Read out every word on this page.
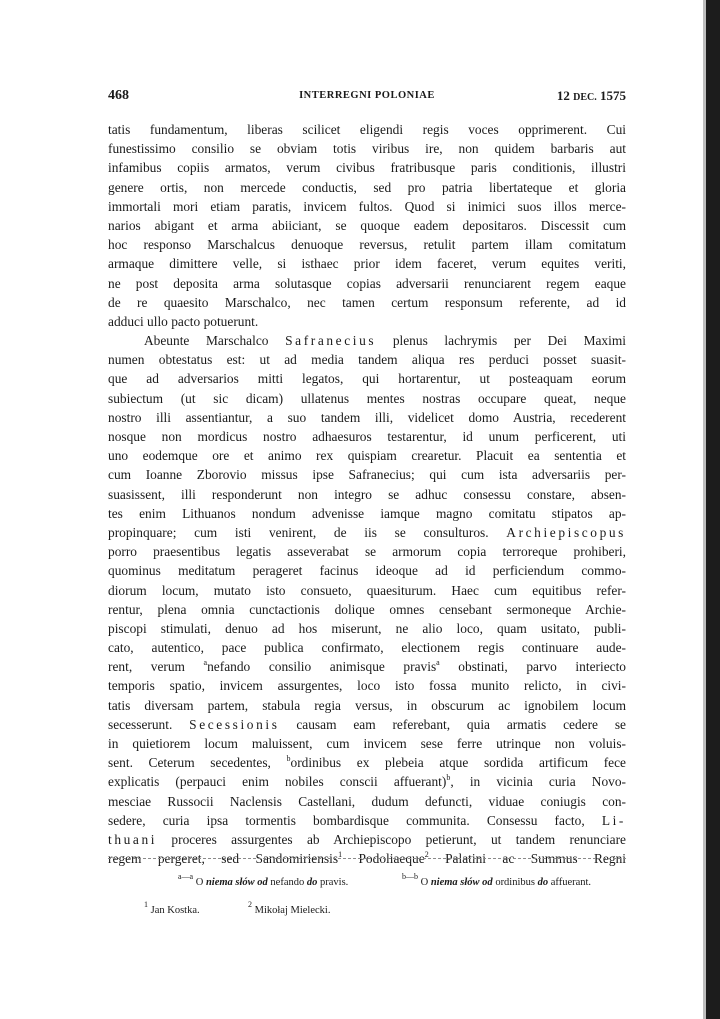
468	INTERREGNI POLONIAE	12 DEC. 1575
tatis fundamentum, liberas scilicet eligendi regis voces opprimerent. Cui
funestissimo consilio se obviam totis viribus ire, non quidem barbaris aut
infamibus copiis armatos, verum civibus fratribusque paris conditionis, illustri
genere ortis, non mercede conductis, sed pro patria libertateque et gloria
immortali mori etiam paratis, invicem fultos. Quod si inimici suos illos merce-
narios abigant et arma abiiciant, se quoque eadem depositaros. Discessit cum
hoc responso Marschalcus denuoque reversus, retulit partem illam comitatum
armaque dimittere velle, si isthaec prior idem faceret, verum equites veriti,
ne post deposita arma solutasque copias adversarii renunciarent regem eaque
de re quaesito Marschalco, nec tamen certum responsum referente, ad id
adduci ullo pacto potuerunt.
Abeunte Marschalco Safranecius plenus lachrymis per Dei Maximi
numen obtestatus est: ut ad media tandem aliqua res perduci posset suasit-
que ad adversarios mitti legatos, qui hortarentur, ut posteaquam eorum
subiectum (ut sic dicam) ullatenus mentes nostras occupare queat, neque
nostro illi assentiantur, a suo tandem illi, videlicet domo Austria, recederent
nosque non mordicus nostro adhaesuros testarentur, id unum perficerent, uti
uno eodemque ore et animo rex quispiam crearetur. Placuit ea sententia et
cum Ioanne Zborovio missus ipse Safranecius; qui cum ista adversariis per-
suasissent, illi responderunt non integro se adhuc consessu constare, absen-
tes enim Lithuanos nondum advenisse iamque magno comitatu stipatos ap-
propinquare; cum isti venirent, de iis se consulturos. Archiepiscopus
porro praesentibus legatis asseverabat se armorum copia terroreque prohiberi,
quominus meditatum perageret facinus ideoque ad id perficiendum commo-
diorum locum, mutato isto consueto, quaesiturum. Haec cum equitibus refer-
rentur, plena omnia cunctactionis dolique omnes censebant sermoneque Archie-
piscopi stimulati, denuo ad hos miserunt, ne alio loco, quam usitato, publi-
cato, autentico, pace publica confirmato, electionem regis continuare aude-
rent, verum $^a$nefando consilio animisque pravis$^a$ obstinati, parvo interiecto
temporis spatio, invicem assurgentes, loco isto fossa munito relicto, in civi-
tatis diversam partem, stabula regia versus, in obscurum ac ignobilem locum
secesserunt. Secessionis causam eam referebant, quia armatis cedere se
in quietiorem locum maluissent, cum invicem sese ferre utrinque non voluis-
sent. Ceterum secedentes, $^b$ordinibus ex plebeia atque sordida artificum fece
explicatis (perpauci enim nobiles conscii affuerant)$^b$, in vicinia curia Novo-
mesciae Russocii Naclensis Castellani, dudum defuncti, viduae coniugis con-
sedere, curia ipsa tormentis bombardisque communita. Consessu facto, Li-
thuani proceres assurgentes ab Archiepiscopo petierunt, ut tandem renunciare
regem pergeret, sed Sandomiriensis$^1$ Podoliaeque$^2$ Palatini ac Summus Regni
$^{a—a}$ O niema słów od nefando do pravis.
$^{b—b}$ O niema słów od ordinibus do affuerant.
$^1$ Jan Kostka.
$^2$ Mikołaj Mielecki.
